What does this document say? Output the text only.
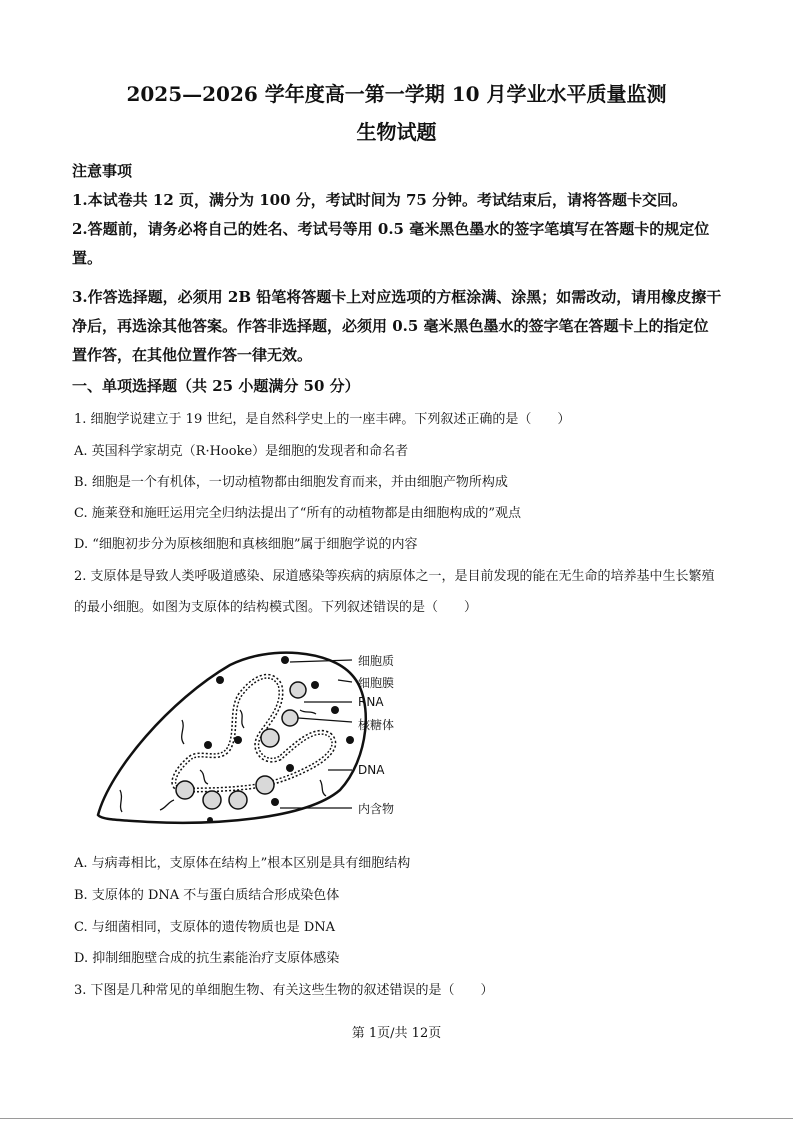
2025—2026 学年度高一第一学期 10 月学业水平质量监测
生物试题
注意事项
1.本试卷共 12 页，满分为 100 分，考试时间为 75 分钟。考试结束后，请将答题卡交回。
2.答题前，请务必将自己的姓名、考试号等用 0.5 毫米黑色墨水的签字笔填写在答题卡的规定位置。
3.作答选择题，必须用 2B 铅笔将答题卡上对应选项的方框涂满、涂黑；如需改动，请用橡皮擦干净后，再选涂其他答案。作答非选择题，必须用 0.5 毫米黑色墨水的签字笔在答题卡上的指定位置作答，在其他位置作答一律无效。
一、单项选择题（共 25 小题满分 50 分）
1. 细胞学说建立于 19 世纪，是自然科学史上的一座丰碑。下列叙述正确的是（　　）
A. 英国科学家胡克（R·Hooke）是细胞的发现者和命名者
B. 细胞是一个有机体，一切动植物都由细胞发育而来，并由细胞产物所构成
C. 施莱登和施旺运用完全归纳法提出了“所有的动植物都是由细胞构成的”观点
D. “细胞初步分为原核细胞和真核细胞”属于细胞学说的内容
2. 支原体是导致人类呼吸道感染、尿道感染等疾病的病原体之一，是目前发现的能在无生命的培养基中生长繁殖的最小细胞。如图为支原体的结构模式图。下列叙述错误的是（　　）
细胞质
细胞膜
RNA
核糖体
DNA
内含物
A. 与病毒相比，支原体在结构上”根本区别是具有细胞结构
B. 支原体的 DNA 不与蛋白质结合形成染色体
C. 与细菌相同，支原体的遗传物质也是 DNA
D. 抑制细胞壁合成的抗生素能治疗支原体感染
3. 下图是几种常见的单细胞生物、有关这些生物的叙述错误的是（　　）
第 1页/共 12页
